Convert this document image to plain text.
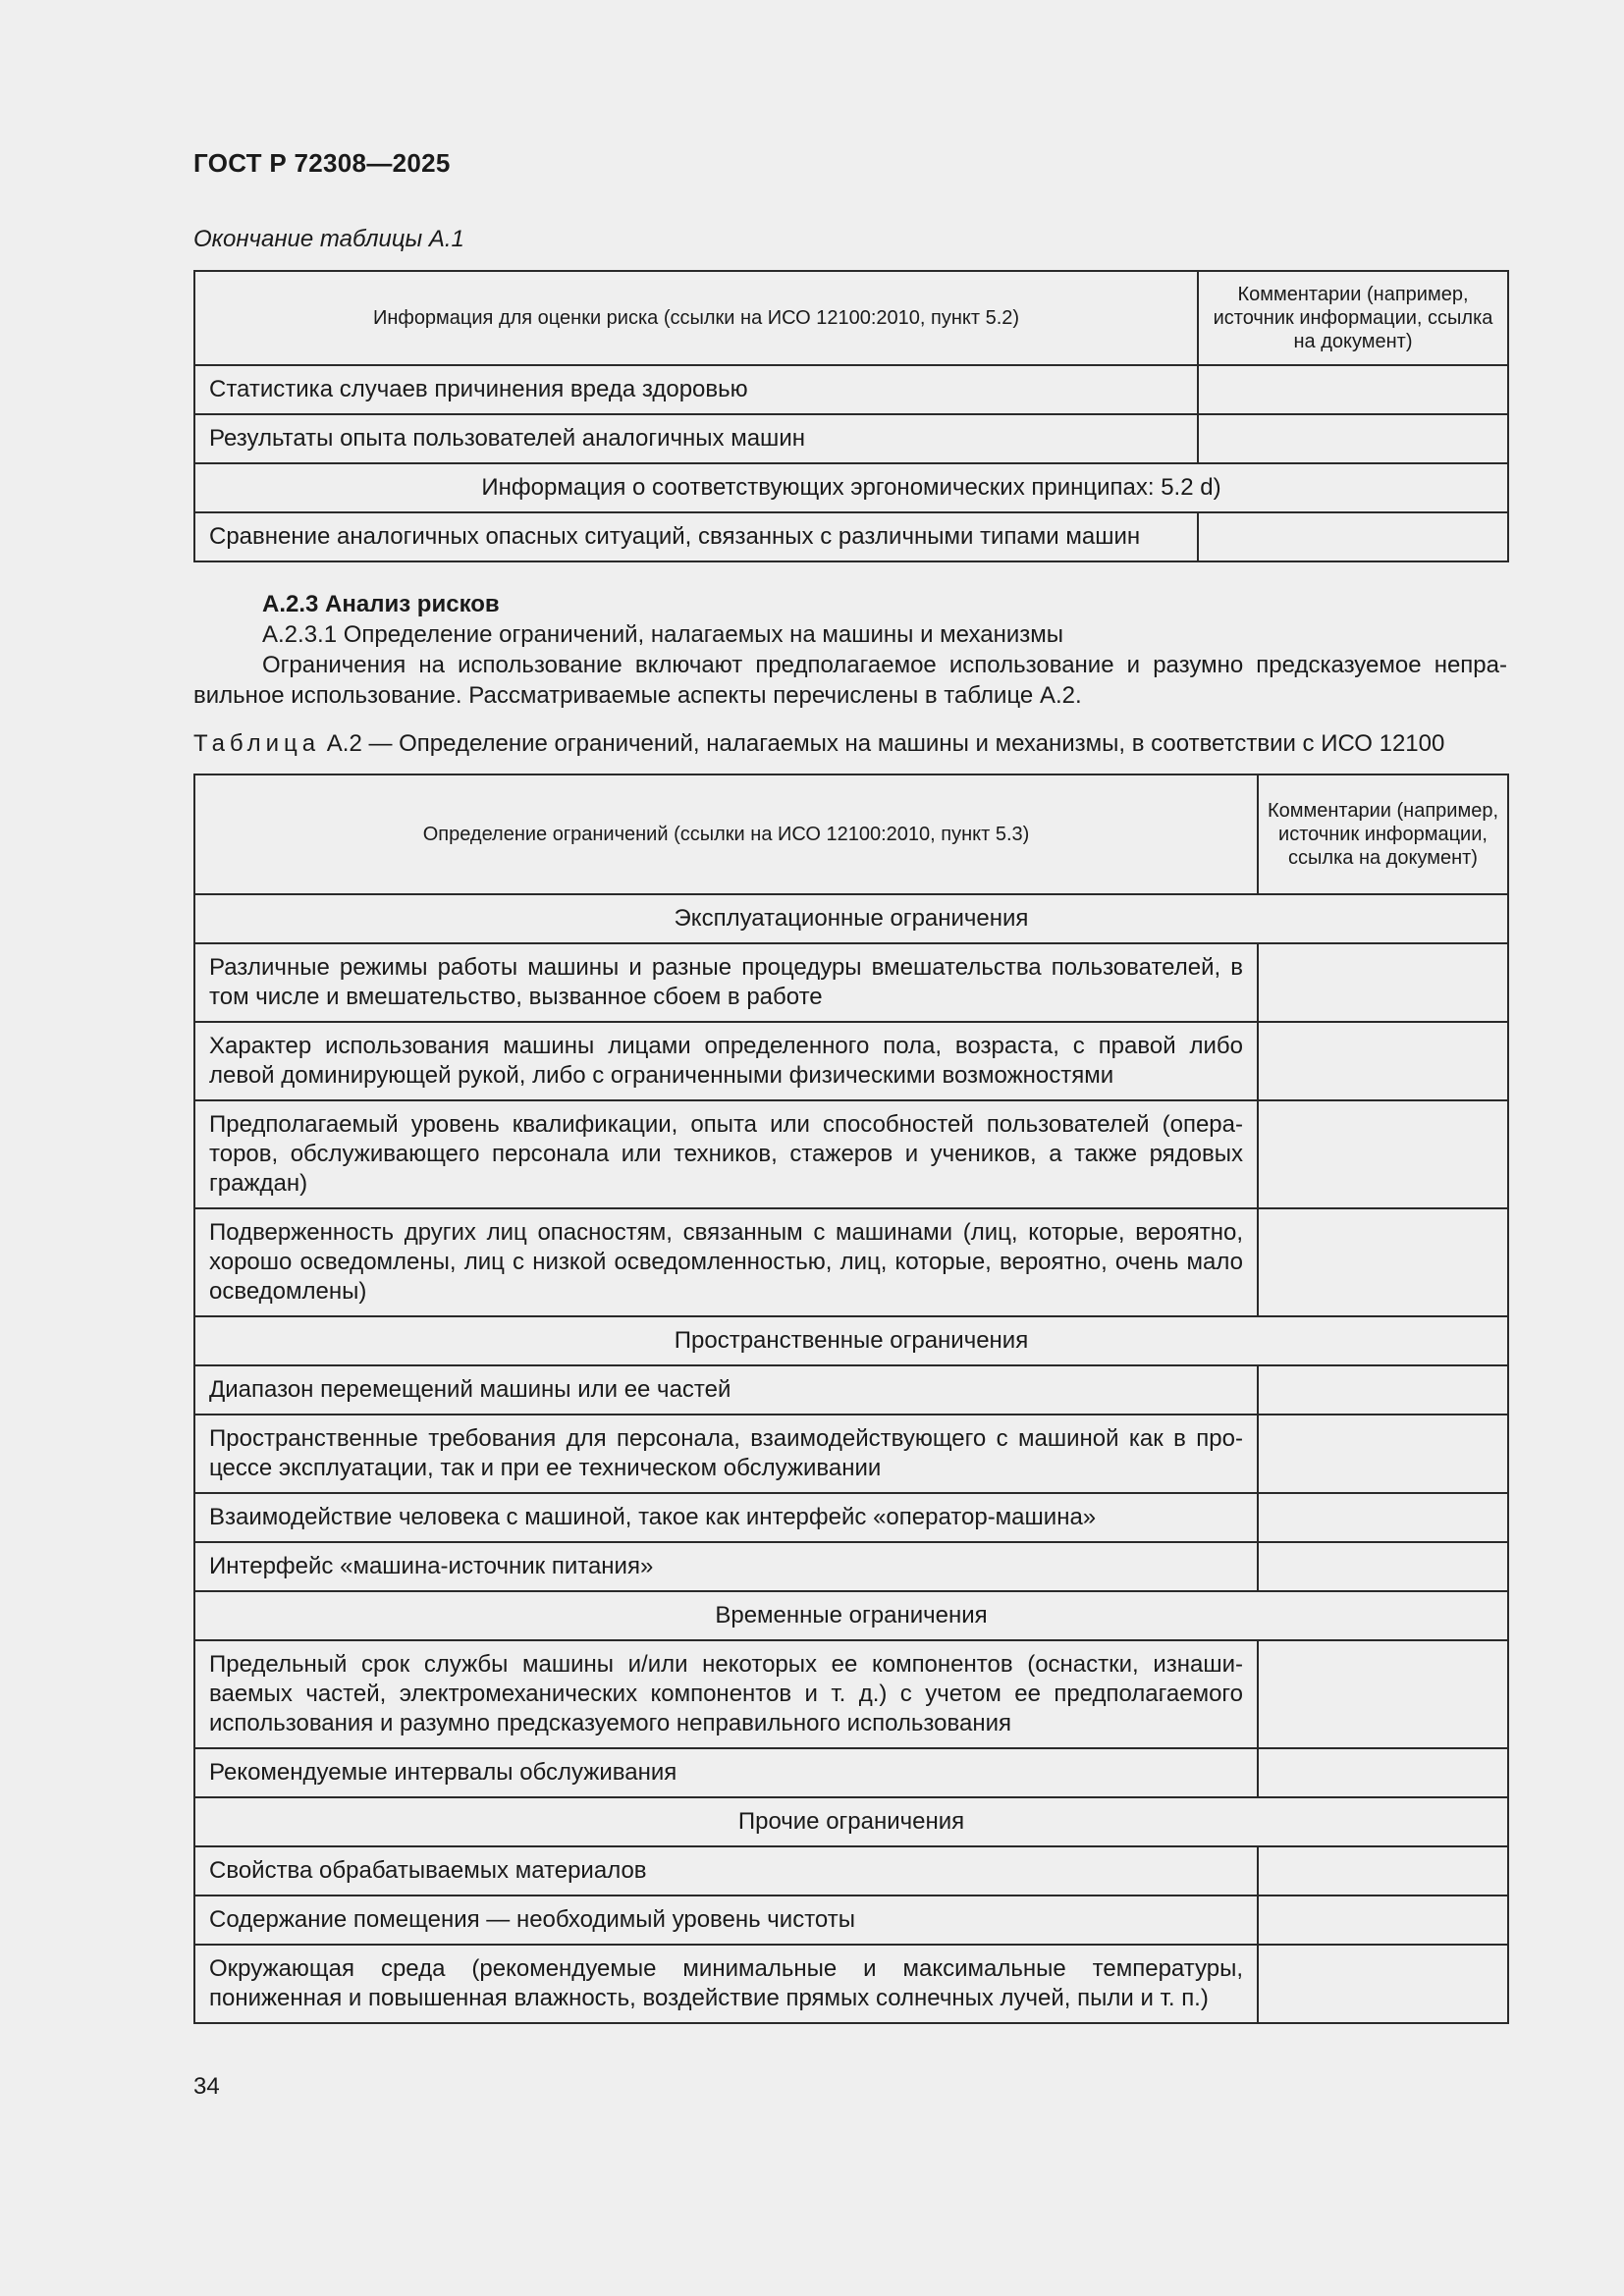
ГОСТ Р 72308—2025
Окончание таблицы А.1
Информация для оценки риска (ссылки на ИСО 12100:2010, пункт 5.2)	Комментарии (например, источник информации, ссылка на документ)
Статистика случаев причинения вреда здоровью	
Результаты опыта пользователей аналогичных машин	
Информация о соответствующих эргономических принципах: 5.2 d)	
Сравнение аналогичных опасных ситуаций, связанных с различными типами машин	
А.2.3 Анализ рисков
А.2.3.1 Определение ограничений, налагаемых на машины и механизмы
Ограничения на использование включают предполагаемое использование и разумно предсказуемое непра-вильное использование. Рассматриваемые аспекты перечислены в таблице А.2.
Таблица А.2 — Определение ограничений, налагаемых на машины и механизмы, в соответствии с ИСО 12100
Определение ограничений (ссылки на ИСО 12100:2010, пункт 5.3)	Комментарии (например, источник информации, ссылка на документ)
Эксплуатационные ограничения	
Различные режимы работы машины и разные процедуры вмешательства пользователей, в том числе и вмешательство, вызванное сбоем в работе	
Характер использования машины лицами определенного пола, возраста, с правой либо левой доминирующей рукой, либо с ограниченными физическими возможностями	
Предполагаемый уровень квалификации, опыта или способностей пользователей (опера-торов, обслуживающего персонала или техников, стажеров и учеников, а также рядовых граждан)	
Подверженность других лиц опасностям, связанным с машинами (лиц, которые, вероятно, хорошо осведомлены, лиц с низкой осведомленностью, лиц, которые, вероятно, очень мало осведомлены)	
Пространственные ограничения	
Диапазон перемещений машины или ее частей	
Пространственные требования для персонала, взаимодействующего с машиной как в про-цессе эксплуатации, так и при ее техническом обслуживании	
Взаимодействие человека с машиной, такое как интерфейс «оператор-машина»	
Интерфейс «машина-источник питания»	
Временные ограничения	
Предельный срок службы машины и/или некоторых ее компонентов (оснастки, изнаши-ваемых частей, электромеханических компонентов и т. д.) с учетом ее предполагаемого использования и разумно предсказуемого неправильного использования	
Рекомендуемые интервалы обслуживания	
Прочие ограничения	
Свойства обрабатываемых материалов	
Содержание помещения — необходимый уровень чистоты	
Окружающая среда (рекомендуемые минимальные и максимальные температуры, пониженная и повышенная влажность, воздействие прямых солнечных лучей, пыли и т. п.)	
34
